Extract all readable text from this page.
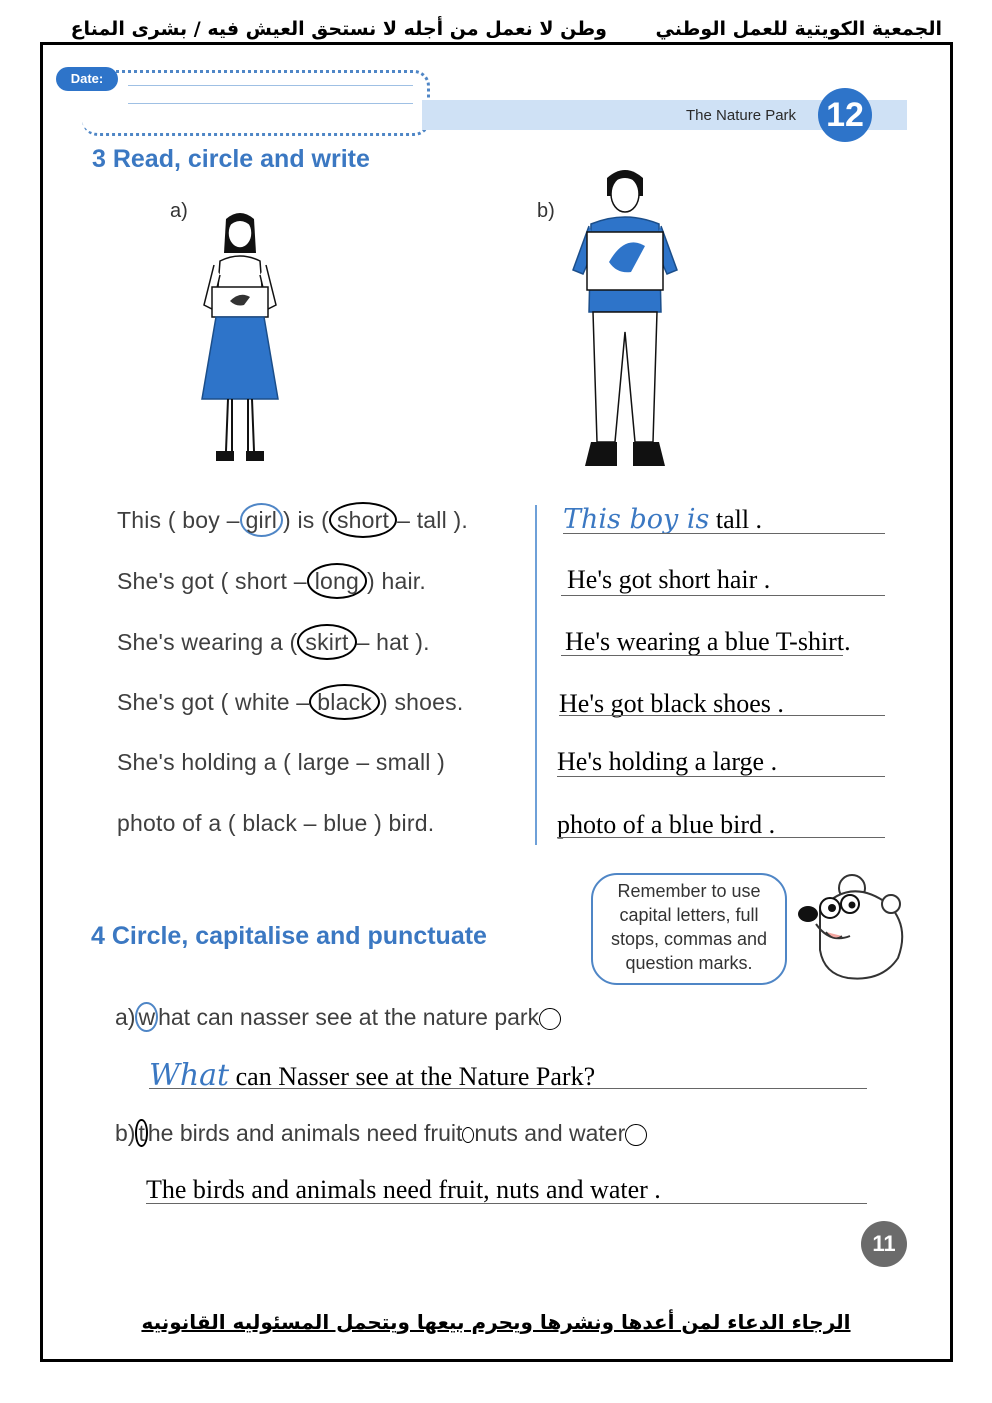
الجمعية الكويتية للعمل الوطني
وطن لا نعمل من أجله لا نستحق العيش فيه / بشرى المناع
Date:
The Nature Park 12
3 Read, circle and write
a)	b)
This ( boy – girl ) is ( short – tall ).
She's got ( short – long ) hair.
She's wearing a ( skirt – hat ).
She's got ( white – black ) shoes.
She's holding a ( large – small )
photo of a ( black – blue ) bird.
This boy is tall .
He's got short hair .
He's wearing a blue T-shirt.
He's got black shoes .
He's holding a large .
photo of a blue bird .
4 Circle, capitalise and punctuate
Remember to use
capital letters, full
stops, commas and
question marks.
a) w hat can nasser see at the nature park
What can Nasser see at the Nature Park?
b) t he birds and animals need fruit nuts and water
The birds and animals need fruit, nuts and water .
11
الرجاء الدعاء لمن أعدها ونشرها ويحرم بيعها ويتحمل المسئوليه القانونيه
